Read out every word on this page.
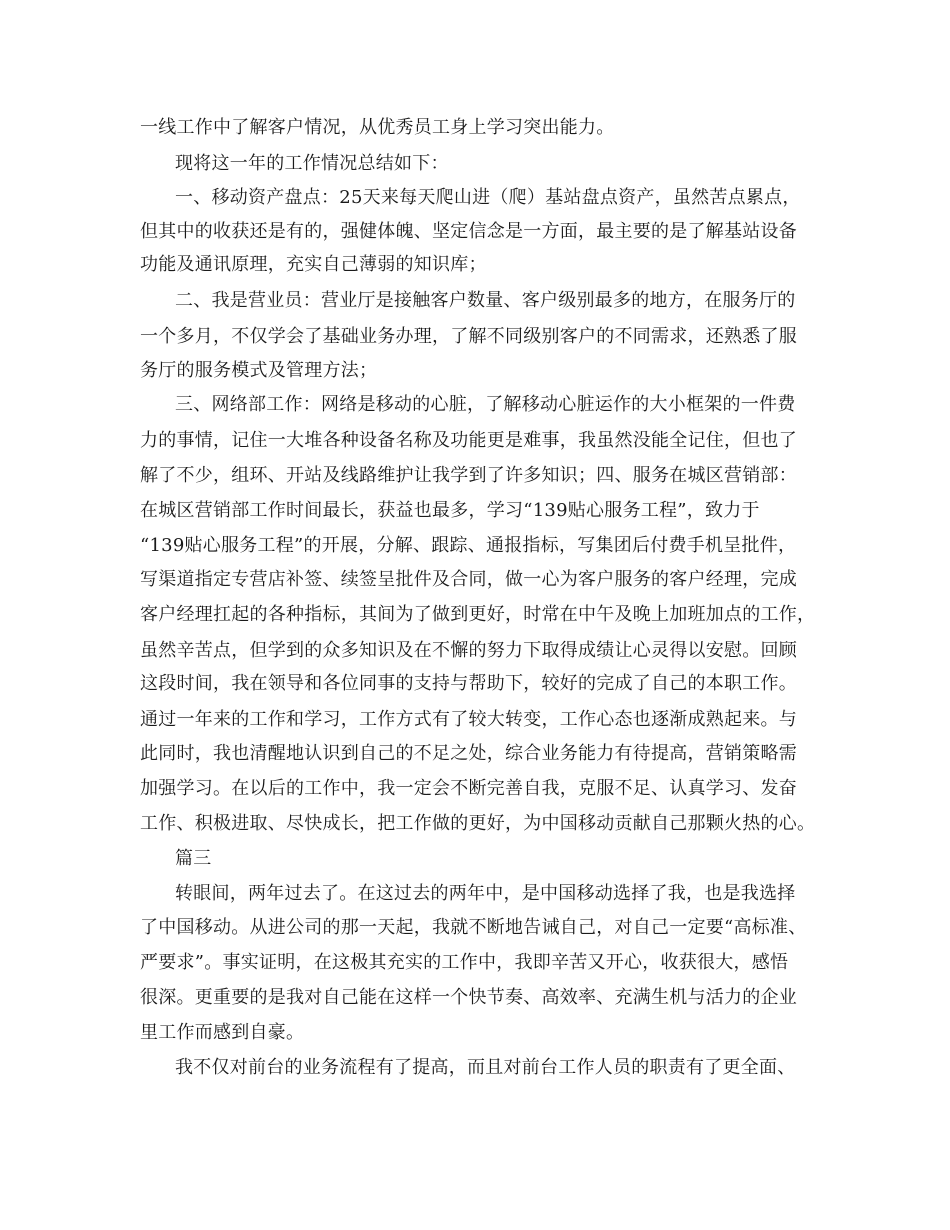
一线工作中了解客户情况，从优秀员工身上学习突出能力。
现将这一年的工作情况总结如下：
一、移动资产盘点：25天来每天爬山进（爬）基站盘点资产，虽然苦点累点，
但其中的收获还是有的，强健体魄、坚定信念是一方面，最主要的是了解基站设备
功能及通讯原理，充实自己薄弱的知识库；
二、我是营业员：营业厅是接触客户数量、客户级别最多的地方，在服务厅的
一个多月，不仅学会了基础业务办理，了解不同级别客户的不同需求，还熟悉了服
务厅的服务模式及管理方法；
三、网络部工作：网络是移动的心脏，了解移动心脏运作的大小框架的一件费
力的事情，记住一大堆各种设备名称及功能更是难事，我虽然没能全记住，但也了
解了不少，组环、开站及线路维护让我学到了许多知识；四、服务在城区营销部：
在城区营销部工作时间最长，获益也最多，学习“139贴心服务工程”，致力于
“139贴心服务工程”的开展，分解、跟踪、通报指标，写集团后付费手机呈批件，
写渠道指定专营店补签、续签呈批件及合同，做一心为客户服务的客户经理，完成
客户经理扛起的各种指标，其间为了做到更好，时常在中午及晚上加班加点的工作，
虽然辛苦点，但学到的众多知识及在不懈的努力下取得成绩让心灵得以安慰。回顾
这段时间，我在领导和各位同事的支持与帮助下，较好的完成了自己的本职工作。
通过一年来的工作和学习，工作方式有了较大转变，工作心态也逐渐成熟起来。与
此同时，我也清醒地认识到自己的不足之处，综合业务能力有待提高，营销策略需
加强学习。在以后的工作中，我一定会不断完善自我，克服不足、认真学习、发奋
工作、积极进取、尽快成长，把工作做的更好，为中国移动贡献自己那颗火热的心。
篇三
转眼间，两年过去了。在这过去的两年中，是中国移动选择了我，也是我选择
了中国移动。从进公司的那一天起，我就不断地告诫自己，对自己一定要“高标准、
严要求”。事实证明，在这极其充实的工作中，我即辛苦又开心，收获很大，感悟
很深。更重要的是我对自己能在这样一个快节奏、高效率、充满生机与活力的企业
里工作而感到自豪。
我不仅对前台的业务流程有了提高，而且对前台工作人员的职责有了更全面、
